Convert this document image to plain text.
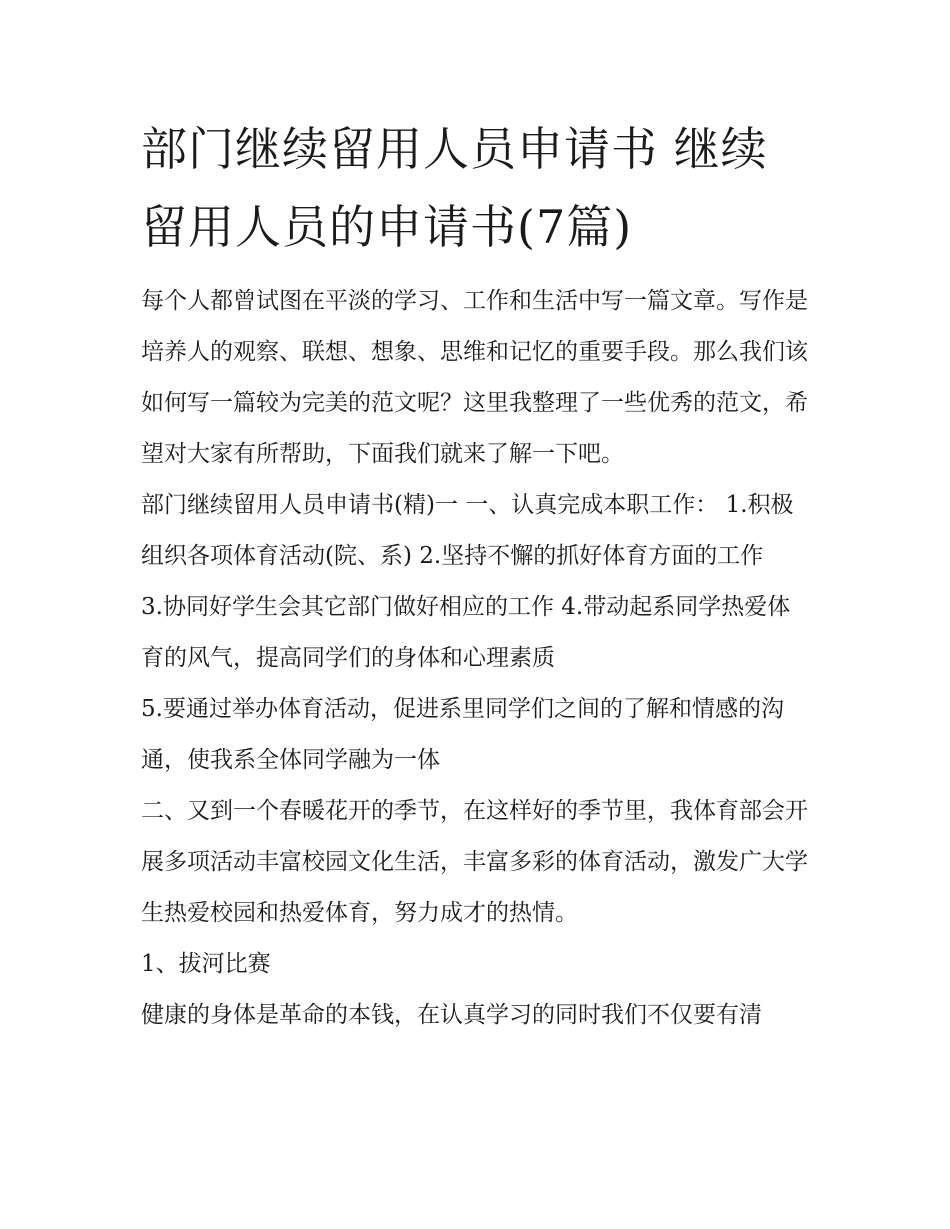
部门继续留用人员申请书 继续留用人员的申请书(7篇)

每个人都曾试图在平淡的学习、工作和生活中写一篇文章。写作是培养人的观察、联想、想象、思维和记忆的重要手段。那么我们该如何写一篇较为完美的范文呢？这里我整理了一些优秀的范文，希望对大家有所帮助，下面我们就来了解一下吧。

部门继续留用人员申请书(精)一 一、认真完成本职工作： 1.积极组织各项体育活动(院、系) 2.坚持不懈的抓好体育方面的工作

3.协同好学生会其它部门做好相应的工作 4.带动起系同学热爱体育的风气，提高同学们的身体和心理素质

5.要通过举办体育活动，促进系里同学们之间的了解和情感的沟通，使我系全体同学融为一体

二、又到一个春暖花开的季节，在这样好的季节里，我体育部会开展多项活动丰富校园文化生活，丰富多彩的体育活动，激发广大学生热爱校园和热爱体育，努力成才的热情。

1、拔河比赛

健康的身体是革命的本钱，在认真学习的同时我们不仅要有清
